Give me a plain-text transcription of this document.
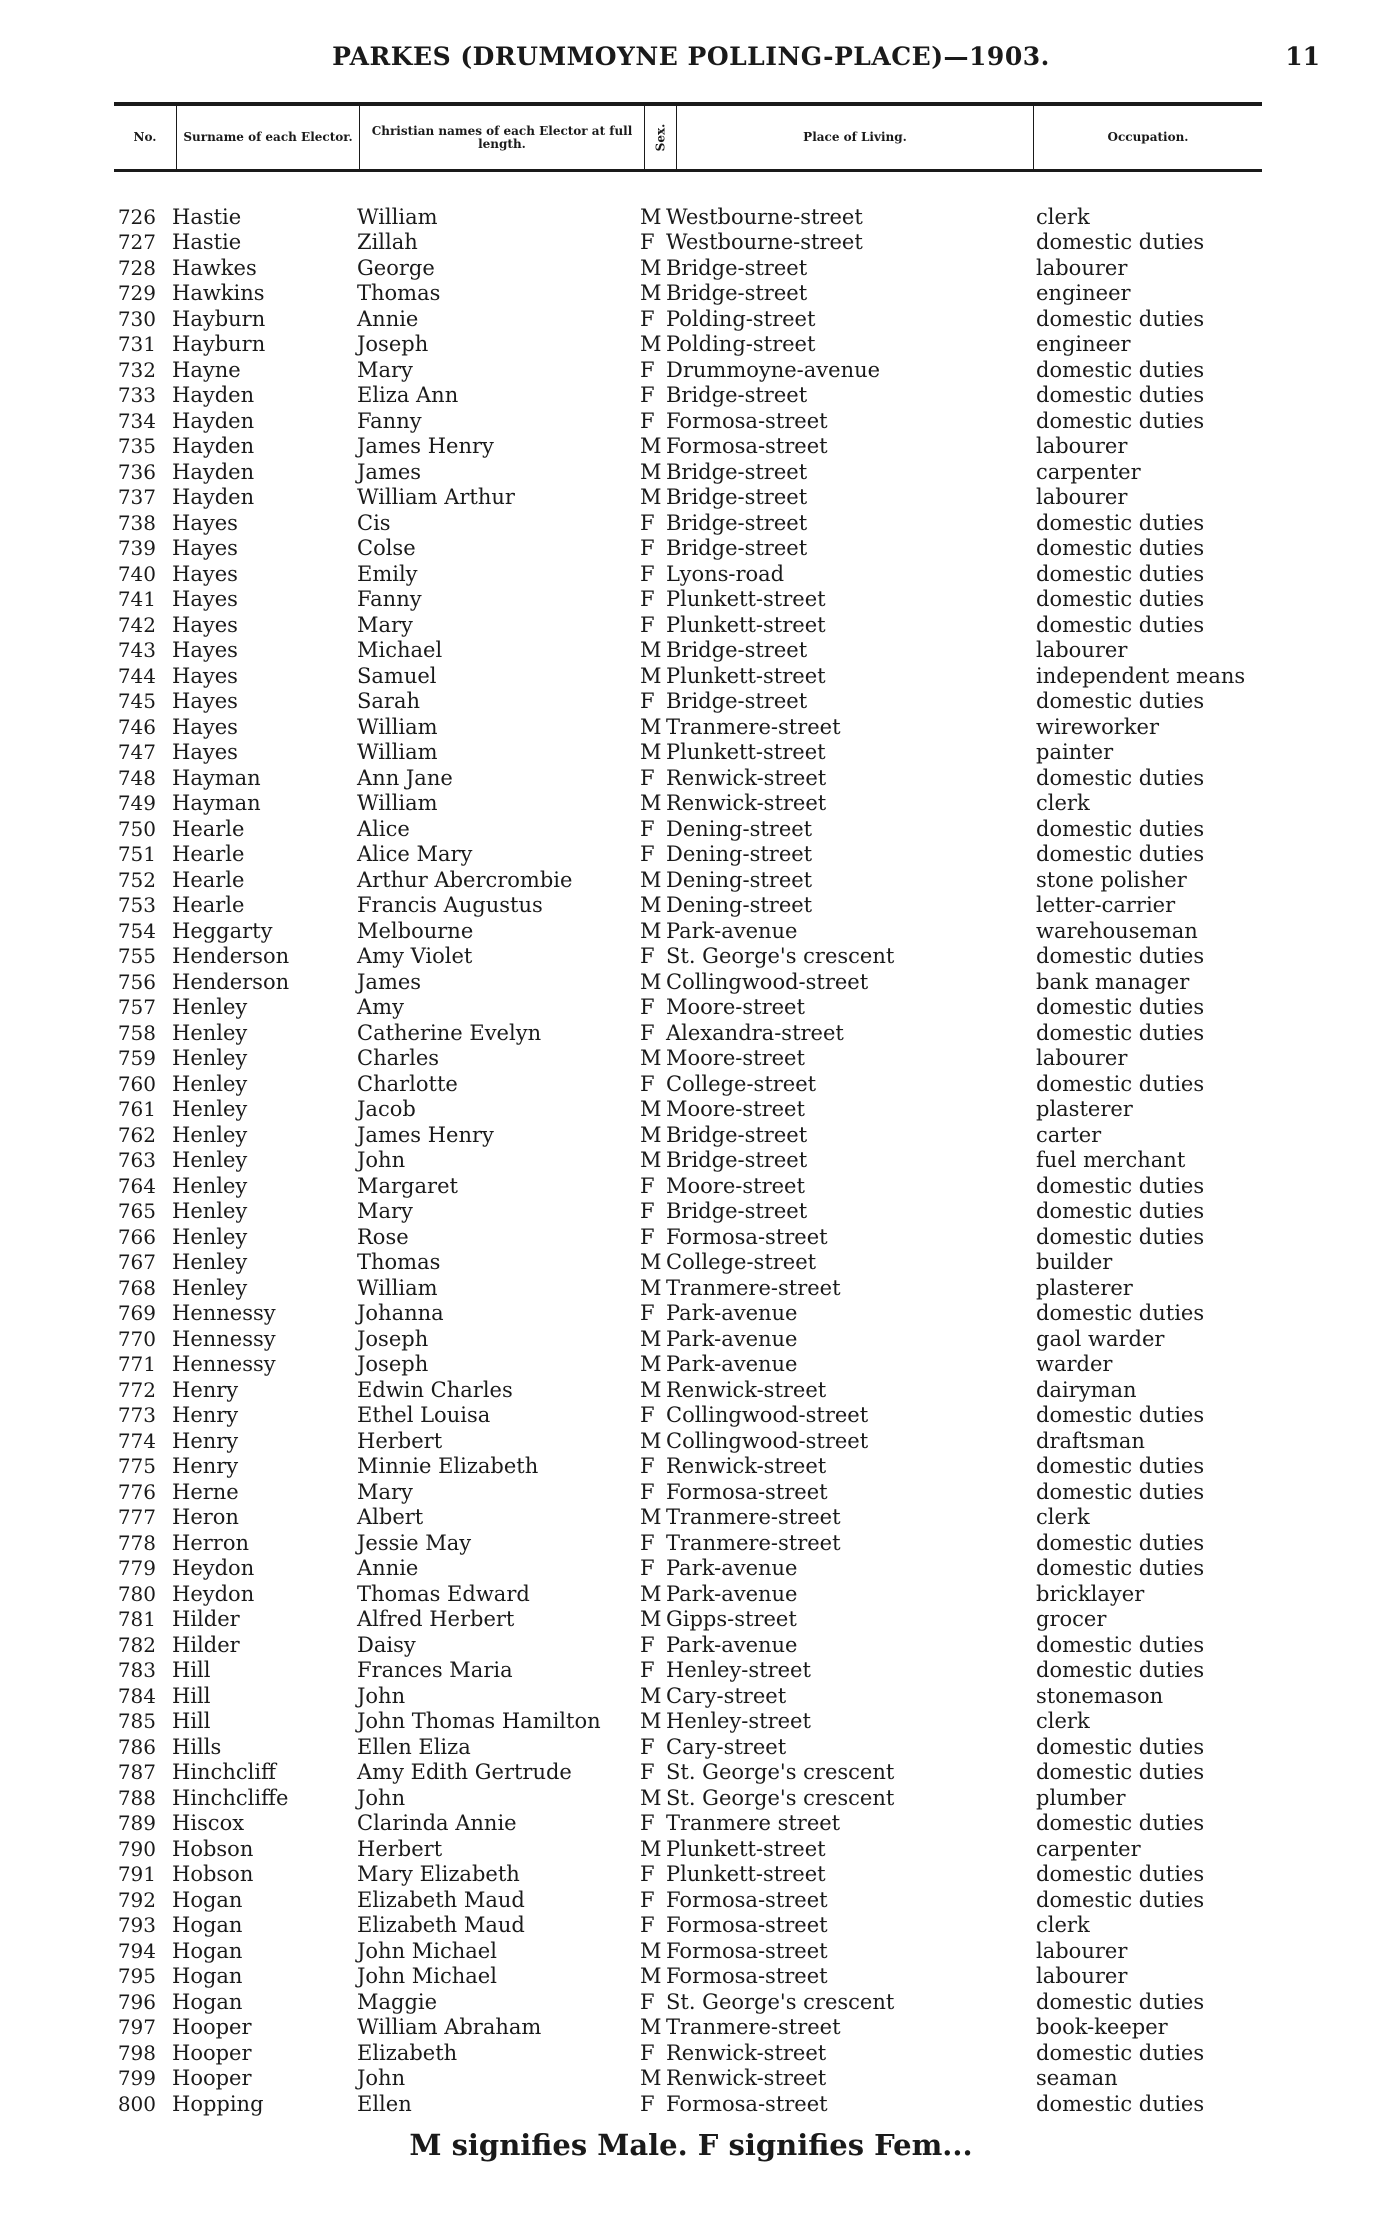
PARKES (DRUMMOYNE POLLING-PLACE)—1903.	11
No.	Surname of each Elector.	Christian names of each Elector at full length.	Sex.	Place of Living.	Occupation.
726 Hastie	William	M Westbourne-street	clerk
727 Hastie	Zillah	F Westbourne-street	domestic duties
728 Hawkes	George	M Bridge-street	labourer
729 Hawkins	Thomas	M Bridge-street	engineer
730 Hayburn	Annie	F Polding-street	domestic duties
731 Hayburn	Joseph	M Polding-street	engineer
732 Hayne	Mary	F Drummoyne-avenue	domestic duties
733 Hayden	Eliza Ann	F Bridge-street	domestic duties
734 Hayden	Fanny	F Formosa-street	domestic duties
735 Hayden	James Henry	M Formosa-street	labourer
736 Hayden	James	M Bridge-street	carpenter
737 Hayden	William Arthur	M Bridge-street	labourer
738 Hayes	Cis	F Bridge-street	domestic duties
739 Hayes	Colse	F Bridge-street	domestic duties
740 Hayes	Emily	F Lyons-road	domestic duties
741 Hayes	Fanny	F Plunkett-street	domestic duties
742 Hayes	Mary	F Plunkett-street	domestic duties
743 Hayes	Michael	M Bridge-street	labourer
744 Hayes	Samuel	M Plunkett-street	independent means
745 Hayes	Sarah	F Bridge-street	domestic duties
746 Hayes	William	M Tranmere-street	wireworker
747 Hayes	William	M Plunkett-street	painter
748 Hayman	Ann Jane	F Renwick-street	domestic duties
749 Hayman	William	M Renwick-street	clerk
750 Hearle	Alice	F Dening-street	domestic duties
751 Hearle	Alice Mary	F Dening-street	domestic duties
752 Hearle	Arthur Abercrombie	M Dening-street	stone polisher
753 Hearle	Francis Augustus	M Dening-street	letter-carrier
754 Heggarty	Melbourne	M Park-avenue	warehouseman
755 Henderson	Amy Violet	F St. George's crescent	domestic duties
756 Henderson	James	M Collingwood-street	bank manager
757 Henley	Amy	F Moore-street	domestic duties
758 Henley	Catherine Evelyn	F Alexandra-street	domestic duties
759 Henley	Charles	M Moore-street	labourer
760 Henley	Charlotte	F College-street	domestic duties
761 Henley	Jacob	M Moore-street	plasterer
762 Henley	James Henry	M Bridge-street	carter
763 Henley	John	M Bridge-street	fuel merchant
764 Henley	Margaret	F Moore-street	domestic duties
765 Henley	Mary	F Bridge-street	domestic duties
766 Henley	Rose	F Formosa-street	domestic duties
767 Henley	Thomas	M College-street	builder
768 Henley	William	M Tranmere-street	plasterer
769 Hennessy	Johanna	F Park-avenue	domestic duties
770 Hennessy	Joseph	M Park-avenue	gaol warder
771 Hennessy	Joseph	M Park-avenue	warder
772 Henry	Edwin Charles	M Renwick-street	dairyman
773 Henry	Ethel Louisa	F Collingwood-street	domestic duties
774 Henry	Herbert	M Collingwood-street	draftsman
775 Henry	Minnie Elizabeth	F Renwick-street	domestic duties
776 Herne	Mary	F Formosa-street	domestic duties
777 Heron	Albert	M Tranmere-street	clerk
778 Herron	Jessie May	F Tranmere-street	domestic duties
779 Heydon	Annie	F Park-avenue	domestic duties
780 Heydon	Thomas Edward	M Park-avenue	bricklayer
781 Hilder	Alfred Herbert	M Gipps-street	grocer
782 Hilder	Daisy	F Park-avenue	domestic duties
783 Hill	Frances Maria	F Henley-street	domestic duties
784 Hill	John	M Cary-street	stonemason
785 Hill	John Thomas Hamilton	M Henley-street	clerk
786 Hills	Ellen Eliza	F Cary-street	domestic duties
787 Hinchcliff	Amy Edith Gertrude	F St. George's crescent	domestic duties
788 Hinchcliffe	John	M St. George's crescent	plumber
789 Hiscox	Clarinda Annie	F Tranmere street	domestic duties
790 Hobson	Herbert	M Plunkett-street	carpenter
791 Hobson	Mary Elizabeth	F Plunkett-street	domestic duties
792 Hogan	Elizabeth Maud	F Formosa-street	domestic duties
793 Hogan	Elizabeth Maud	F Formosa-street	clerk
794 Hogan	John Michael	M Formosa-street	labourer
795 Hogan	John Michael	M Formosa-street	labourer
796 Hogan	Maggie	F St. George's crescent	domestic duties
797 Hooper	William Abraham	M Tranmere-street	book-keeper
798 Hooper	Elizabeth	F Renwick-street	domestic duties
799 Hooper	John	M Renwick-street	seaman
800 Hopping	Ellen	F Formosa-street	domestic duties
M signifies Male. F signifies Fem...
